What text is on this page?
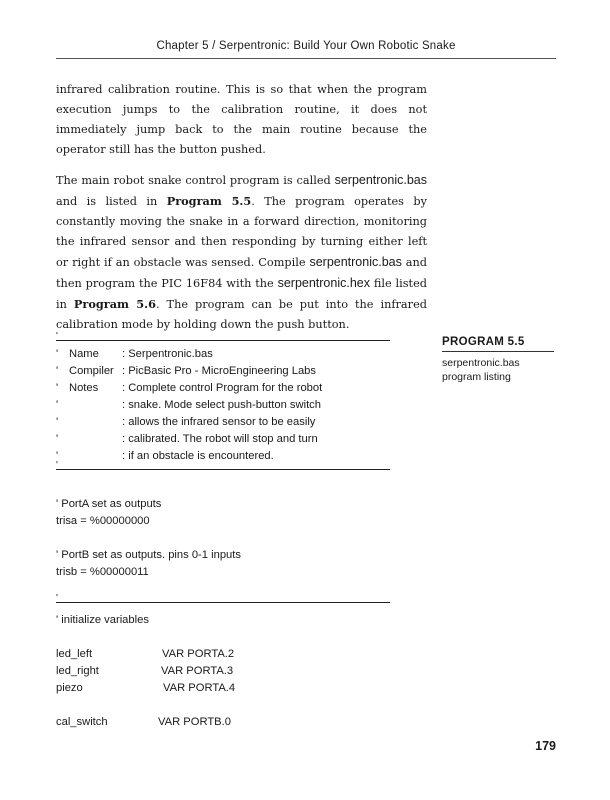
Chapter 5 / Serpentronic: Build Your Own Robotic Snake

infrared calibration routine. This is so that when the program execution jumps to the calibration routine, it does not immediately jump back to the main routine because the operator still has the button pushed.

The main robot snake control program is called serpentronic.bas and is listed in Program 5.5. The program operates by constantly moving the snake in a forward direction, monitoring the infrared sensor and then responding by turning either left or right if an obstacle was sensed. Compile serpentronic.bas and then program the PIC 16F84 with the serpentronic.hex file listed in Program 5.6. The program can be put into the infrared calibration mode by holding down the push button.

PROGRAM 5.5
serpentronic.bas
program listing
'
' Name : Serpentronic.bas
' Compiler : PicBasic Pro - MicroEngineering Labs
' Notes : Complete control Program for the robot
'	: snake. Mode select push-button switch
'	: allows the infrared sensor to be easily
'	: calibrated. The robot will stop and turn
'	: if an obstacle is encountered.
'
' PortA set as outputs
trisa = %00000000
' PortB set as outputs. pins 0-1 inputs
trisb = %00000011
'
' initialize variables
led_left	VAR PORTA.2
led_right	VAR PORTA.3
piezo	VAR PORTA.4
cal_switch	VAR PORTB.0
179
